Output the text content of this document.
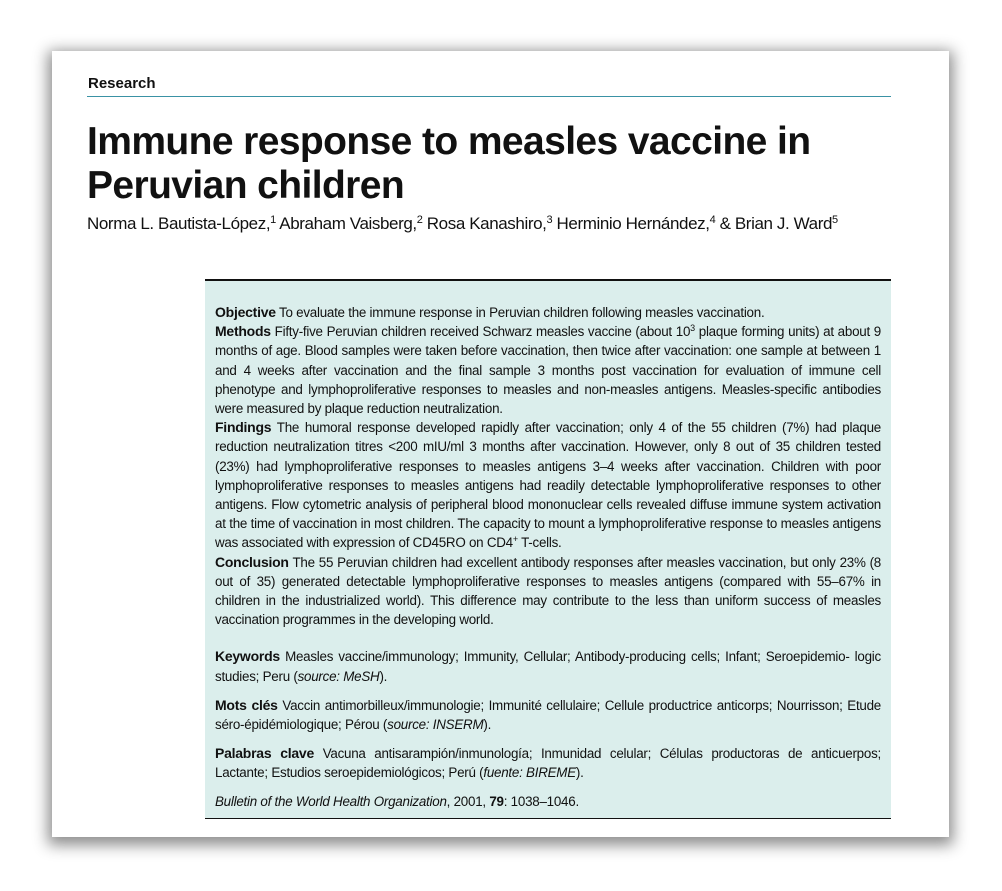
Research
Immune response to measles vaccine in Peruvian children
Norma L. Bautista-López,$^1$ Abraham Vaisberg,$^2$ Rosa Kanashiro,$^3$ Herminio Hernández,$^4$ & Brian J. Ward$^5$

Objective To evaluate the immune response in Peruvian children following measles vaccination.

Methods Fifty-five Peruvian children received Schwarz measles vaccine (about $10^3$ plaque forming units) at about 9 months of age. Blood samples were taken before vaccination, then twice after vaccination: one sample at between 1 and 4 weeks after vaccination and the final sample 3 months post vaccination for evaluation of immune cell phenotype and lymphoproliferative responses to measles and non-measles antigens. Measles-specific antibodies were measured by plaque reduction neutralization.

Findings The humoral response developed rapidly after vaccination; only 4 of the 55 children (7%) had plaque reduction neutralization titres <200 mIU/ml 3 months after vaccination. However, only 8 out of 35 children tested (23%) had lymphoproliferative responses to measles antigens 3–4 weeks after vaccination. Children with poor lymphoproliferative responses to measles antigens had readily detectable lymphoproliferative responses to other antigens. Flow cytometric analysis of peripheral blood mononuclear cells revealed diffuse immune system activation at the time of vaccination in most children. The capacity to mount a lymphoproliferative response to measles antigens was associated with expression of CD45RO on CD4+ T-cells.

Conclusion The 55 Peruvian children had excellent antibody responses after measles vaccination, but only 23% (8 out of 35) generated detectable lymphoproliferative responses to measles antigens (compared with 55–67% in children in the industrialized world). This difference may contribute to the less than uniform success of measles vaccination programmes in the developing world.

Keywords Measles vaccine/immunology; Immunity, Cellular; Antibody-producing cells; Infant; Seroepidemio- logic studies; Peru (source: MeSH).

Mots clés Vaccin antimorbilleux/immunologie; Immunité cellulaire; Cellule productrice anticorps; Nourrisson; Etude séro-épidémiologique; Pérou (source: INSERM).

Palabras clave Vacuna antisarampión/inmunología; Inmunidad celular; Células productoras de anticuerpos; Lactante; Estudios seroepidemiológicos; Perú (fuente: BIREME).

Bulletin of the World Health Organization, 2001, 79: 1038–1046.
